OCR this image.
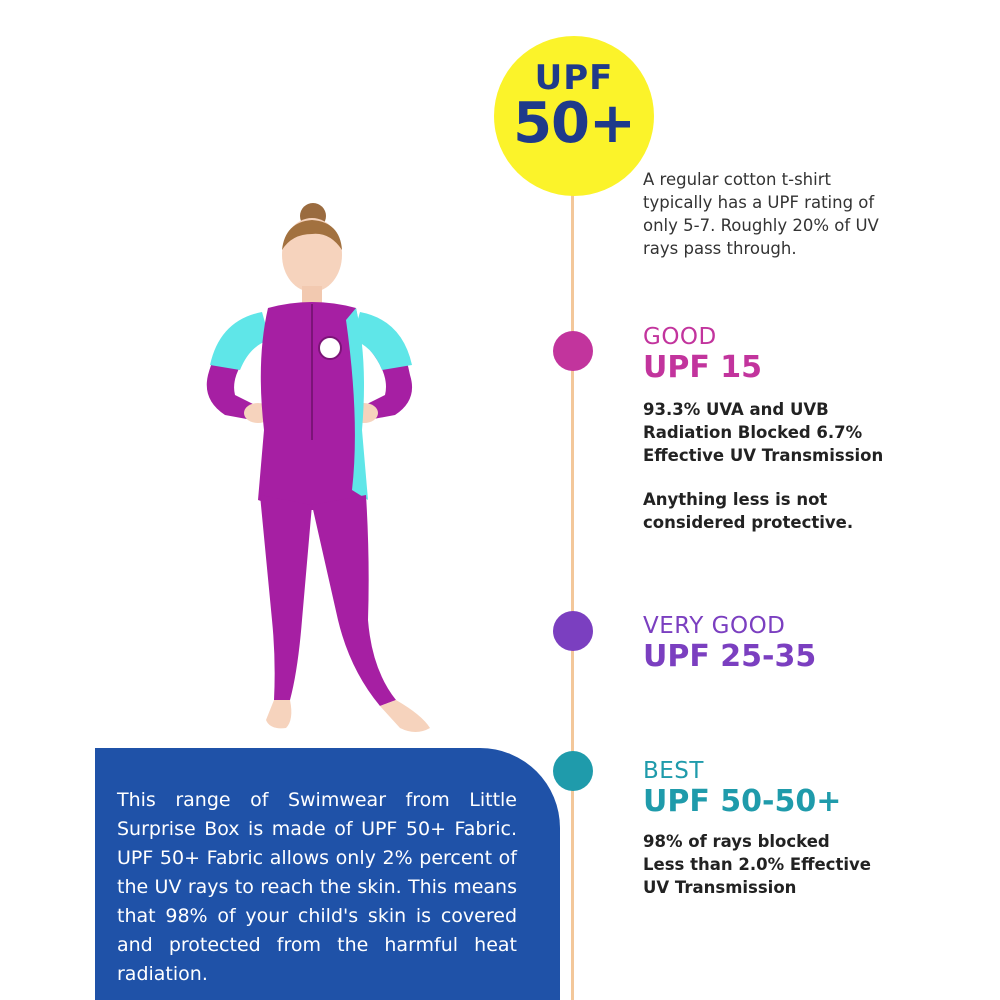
UPF
50+
A regular cotton t-shirt typically has a UPF rating of only 5-7. Roughly 20% of UV rays pass through.
GOOD
UPF 15
93.3% UVA and UVB Radiation Blocked 6.7% Effective UV Transmission
Anything less is not considered protective.
VERY GOOD
UPF 25-35
BEST
UPF 50-50+
98% of rays blocked Less than 2.0% Effective UV Transmission
This range of Swimwear from Little Surprise Box is made of UPF 50+ Fabric. UPF 50+ Fabric allows only 2% percent of the UV rays to reach the skin. This means that 98% of your child's skin is covered and protected from the harmful heat radiation.
